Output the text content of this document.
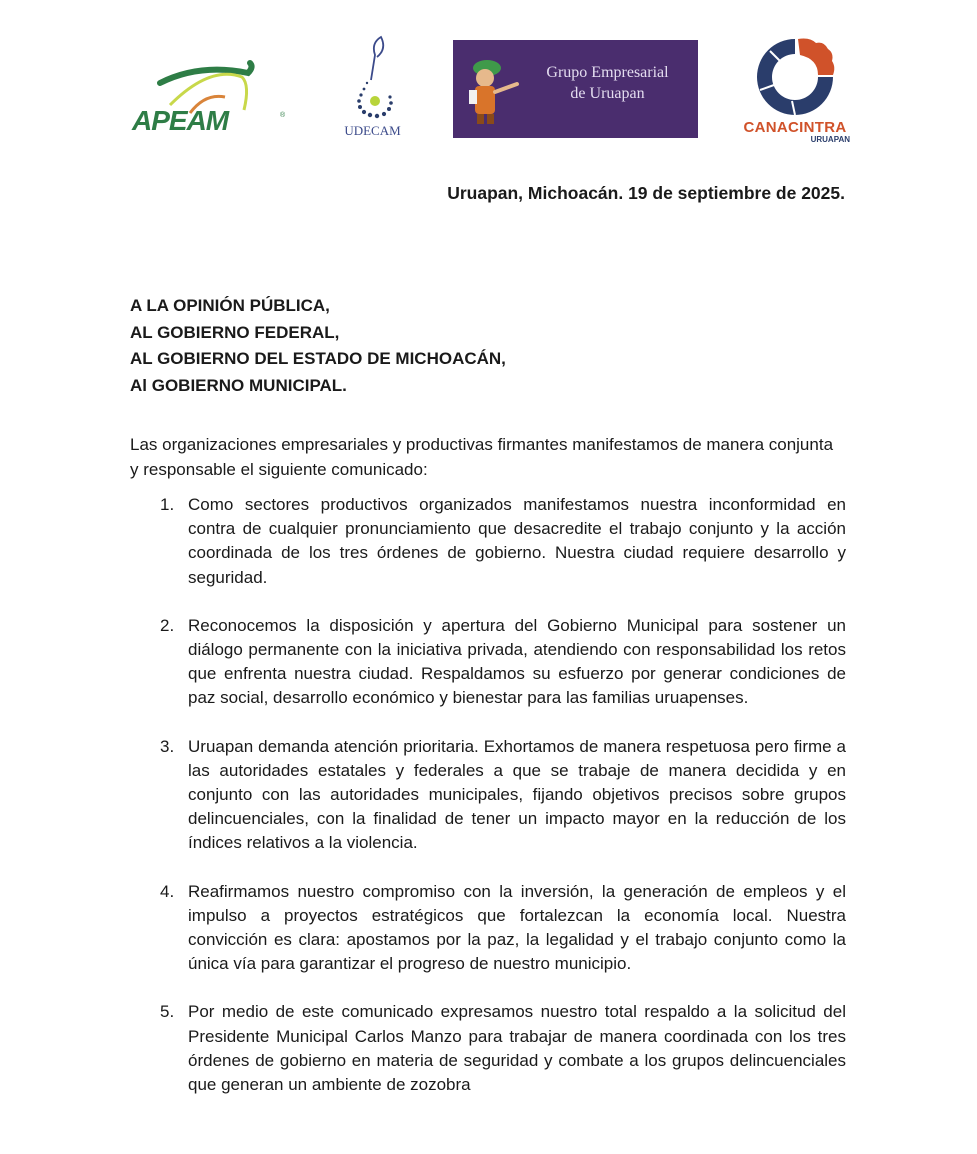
APEAM	®
UDECAM
Grupo Empresarial
de Uruapan
CANACINTRA
URUAPAN
Uruapan, Michoacán. 19 de septiembre de 2025.
A LA OPINIÓN PÚBLICA,
AL GOBIERNO FEDERAL,
AL GOBIERNO DEL ESTADO DE MICHOACÁN,
Al GOBIERNO MUNICIPAL.
Las organizaciones empresariales y productivas firmantes manifestamos de manera conjunta y responsable el siguiente comunicado:
1. Como sectores productivos organizados manifestamos nuestra inconformidad en contra de cualquier pronunciamiento que desacredite el trabajo conjunto y la acción coordinada de los tres órdenes de gobierno. Nuestra ciudad requiere desarrollo y seguridad.
2. Reconocemos la disposición y apertura del Gobierno Municipal para sostener un diálogo permanente con la iniciativa privada, atendiendo con responsabilidad los retos que enfrenta nuestra ciudad. Respaldamos su esfuerzo por generar condiciones de paz social, desarrollo económico y bienestar para las familias uruapenses.
3. Uruapan demanda atención prioritaria. Exhortamos de manera respetuosa pero firme a las autoridades estatales y federales a que se trabaje de manera decidida y en conjunto con las autoridades municipales, fijando objetivos precisos sobre grupos delincuenciales, con la finalidad de tener un impacto mayor en la reducción de los índices relativos a la violencia.
4. Reafirmamos nuestro compromiso con la inversión, la generación de empleos y el impulso a proyectos estratégicos que fortalezcan la economía local. Nuestra convicción es clara: apostamos por la paz, la legalidad y el trabajo conjunto como la única vía para garantizar el progreso de nuestro municipio.
5. Por medio de este comunicado expresamos nuestro total respaldo a la solicitud del Presidente Municipal Carlos Manzo para trabajar de manera coordinada con los tres órdenes de gobierno en materia de seguridad y combate a los grupos delincuenciales que generan un ambiente de zozobra
